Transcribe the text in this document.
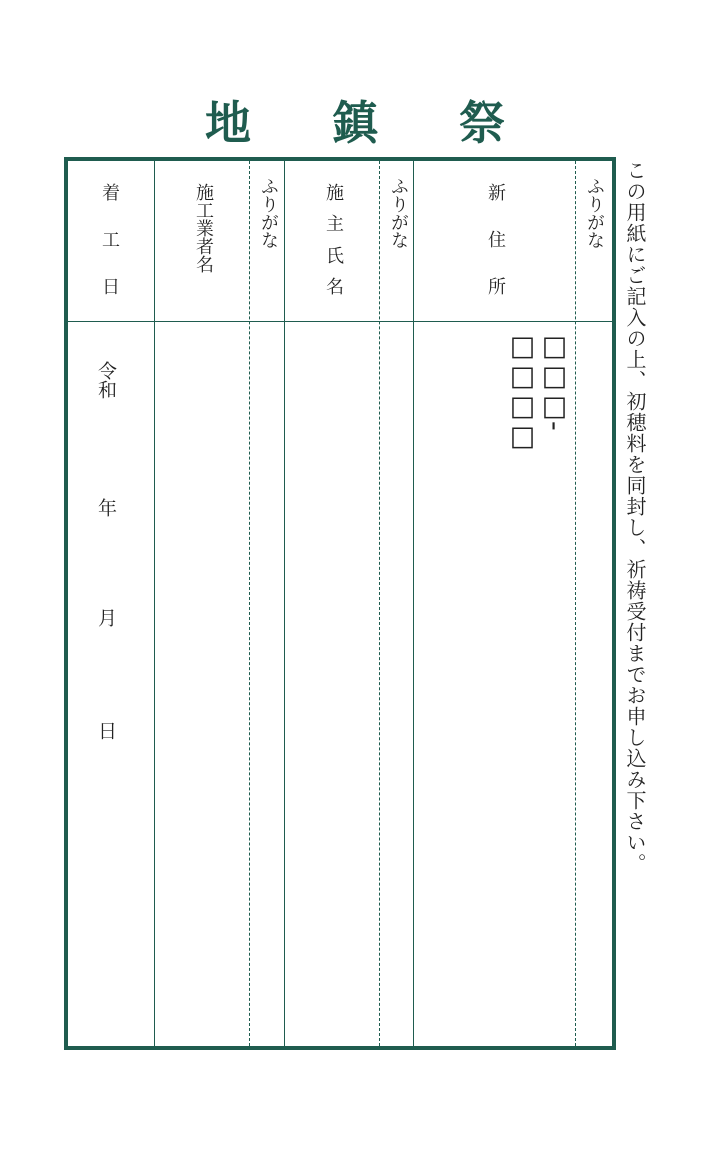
地 鎮 祭
この用紙にご記入の上、初穂料を同封し、祈祷受付までお申し込み下さい。
ふりがな
新
住
所
ふりがな
施
主
氏
名
ふりがな
施工業者名
着
工
日
□□□-□□□□
令和
年
月
日
